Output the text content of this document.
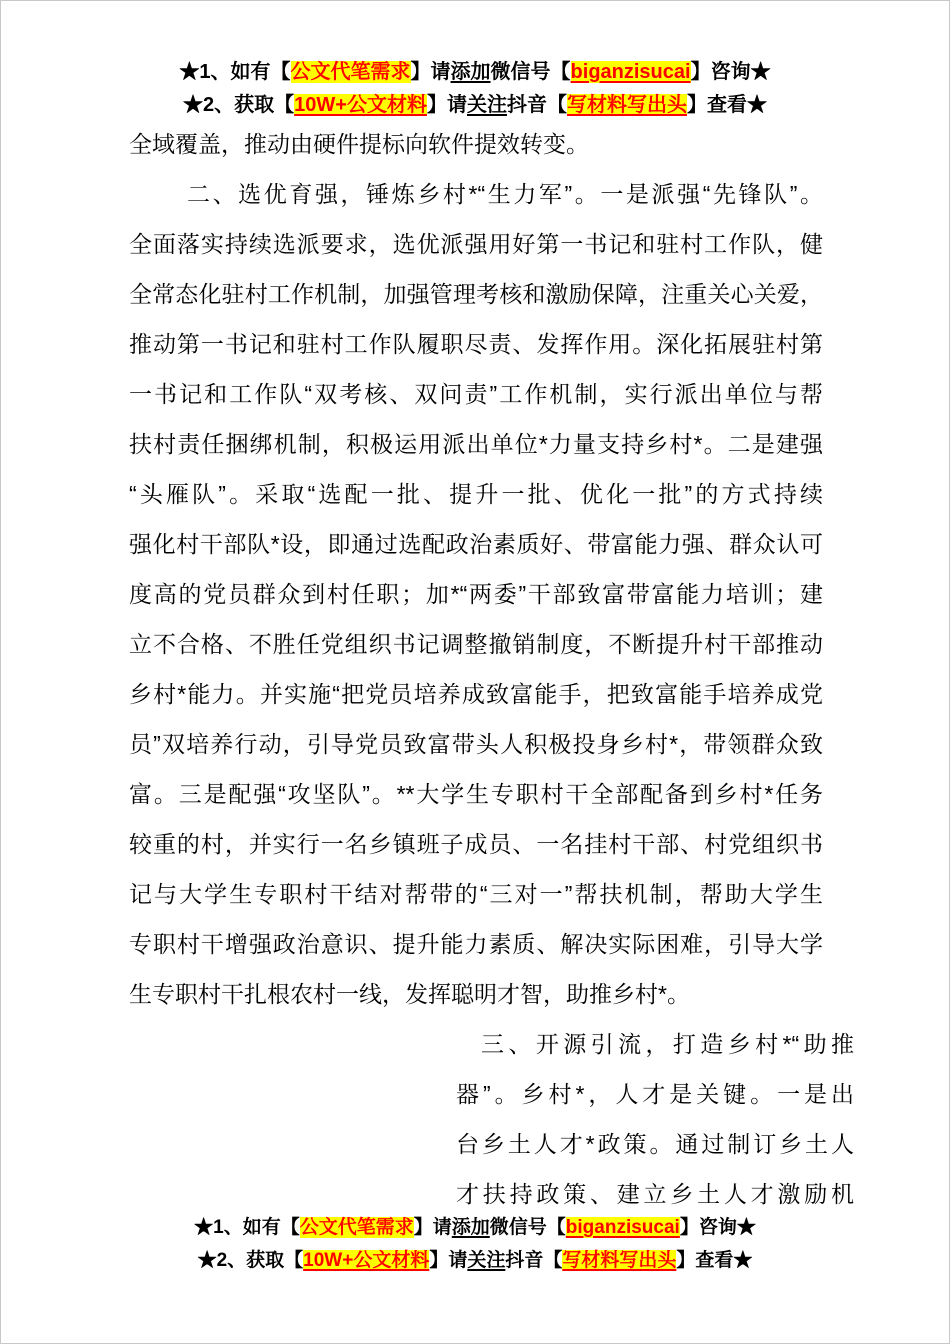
★1、如有【公文代笔需求】请添加微信号【biganzisucai】咨询★
★2、获取【10W+公文材料】请关注抖音【写材料写出头】查看★
全域覆盖，推动由硬件提标向软件提效转变。
二、选优育强，锤炼乡村*“生力军”。一是派强“先锋队”。
全面落实持续选派要求，选优派强用好第一书记和驻村工作队，健
全常态化驻村工作机制，加强管理考核和激励保障，注重关心关爱，
推动第一书记和驻村工作队履职尽责、发挥作用。深化拓展驻村第
一书记和工作队“双考核、双问责”工作机制，实行派出单位与帮
扶村责任捆绑机制，积极运用派出单位*力量支持乡村*。二是建强
“头雁队”。采取“选配一批、提升一批、优化一批”的方式持续
强化村干部队*设，即通过选配政治素质好、带富能力强、群众认可
度高的党员群众到村任职；加*“两委”干部致富带富能力培训；建
立不合格、不胜任党组织书记调整撤销制度，不断提升村干部推动
乡村*能力。并实施“把党员培养成致富能手，把致富能手培养成党
员”双培养行动，引导党员致富带头人积极投身乡村*，带领群众致
富。三是配强“攻坚队”。**大学生专职村干全部配备到乡村*任务
较重的村，并实行一名乡镇班子成员、一名挂村干部、村党组织书
记与大学生专职村干结对帮带的“三对一”帮扶机制，帮助大学生
专职村干增强政治意识、提升能力素质、解决实际困难，引导大学
生专职村干扎根农村一线，发挥聪明才智，助推乡村*。
三、开源引流，打造乡村*“助推
器”。乡村*，人才是关键。一是出
台乡土人才*政策。通过制订乡土人
才扶持政策、建立乡土人才激励机
★1、如有【公文代笔需求】请添加微信号【biganzisucai】咨询★
★2、获取【10W+公文材料】请关注抖音【写材料写出头】查看★
